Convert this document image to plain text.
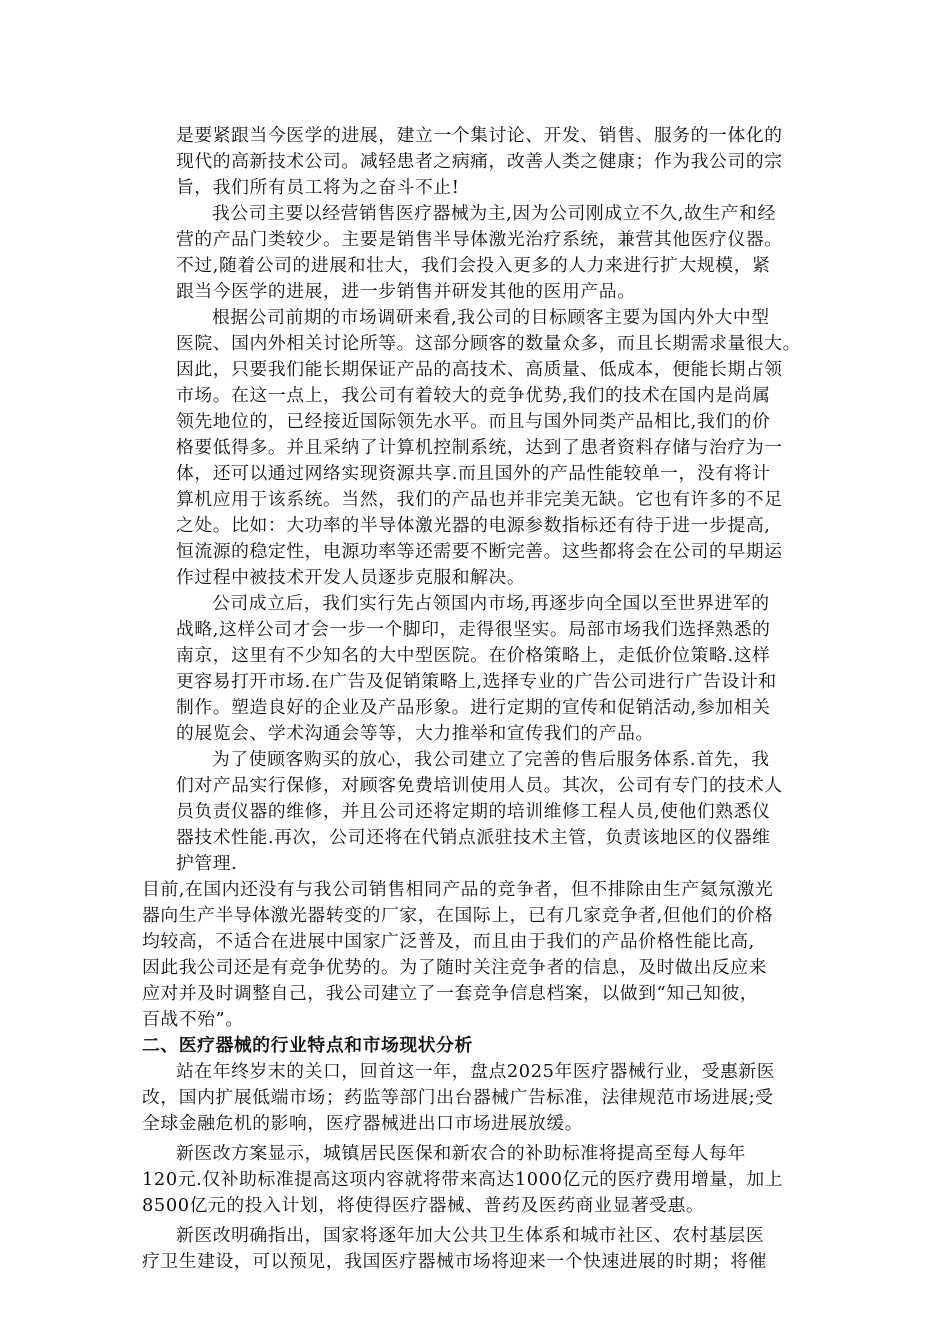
是要紧跟当今医学的进展，建立一个集讨论、开发、销售、服务的一体化的
现代的高新技术公司。减轻患者之病痛，改善人类之健康；作为我公司的宗
旨，我们所有员工将为之奋斗不止!
我公司主要以经营销售医疗器械为主,因为公司刚成立不久,故生产和经
营的产品门类较少。主要是销售半导体激光治疗系统，兼营其他医疗仪器。
不过,随着公司的进展和壮大，我们会投入更多的人力来进行扩大规模，紧
跟当今医学的进展，进一步销售并研发其他的医用产品。
根据公司前期的市场调研来看,我公司的目标顾客主要为国内外大中型
医院、国内外相关讨论所等。这部分顾客的数量众多，而且长期需求量很大。
因此，只要我们能长期保证产品的高技术、高质量、低成本，便能长期占领
市场。在这一点上，我公司有着较大的竞争优势,我们的技术在国内是尚属
领先地位的，已经接近国际领先水平。而且与国外同类产品相比,我们的价
格要低得多。并且采纳了计算机控制系统，达到了患者资料存储与治疗为一
体，还可以通过网络实现资源共享.而且国外的产品性能较单一，没有将计
算机应用于该系统。当然，我们的产品也并非完美无缺。它也有许多的不足
之处。比如：大功率的半导体激光器的电源参数指标还有待于进一步提高,
恒流源的稳定性，电源功率等还需要不断完善。这些都将会在公司的早期运
作过程中被技术开发人员逐步克服和解决。
公司成立后，我们实行先占领国内市场,再逐步向全国以至世界进军的
战略,这样公司才会一步一个脚印，走得很坚实。局部市场我们选择熟悉的
南京，这里有不少知名的大中型医院。在价格策略上，走低价位策略.这样
更容易打开市场.在广告及促销策略上,选择专业的广告公司进行广告设计和
制作。塑造良好的企业及产品形象。进行定期的宣传和促销活动,参加相关
的展览会、学术沟通会等等，大力推举和宣传我们的产品。
为了使顾客购买的放心，我公司建立了完善的售后服务体系.首先，我
们对产品实行保修，对顾客免费培训使用人员。其次，公司有专门的技术人
员负责仪器的维修，并且公司还将定期的培训维修工程人员,使他们熟悉仪
器技术性能.再次，公司还将在代销点派驻技术主管，负责该地区的仪器维
护管理.
目前,在国内还没有与我公司销售相同产品的竞争者，但不排除由生产氦氖激光
器向生产半导体激光器转变的厂家，在国际上，已有几家竞争者,但他们的价格
均较高，不适合在进展中国家广泛普及，而且由于我们的产品价格性能比高,
因此我公司还是有竞争优势的。为了随时关注竞争者的信息，及时做出反应来
应对并及时调整自己，我公司建立了一套竞争信息档案，以做到“知己知彼，
百战不殆”。
二、医疗器械的行业特点和市场现状分析
站在年终岁末的关口，回首这一年，盘点2025年医疗器械行业，受惠新医
改，国内扩展低端市场；药监等部门出台器械广告标准，法律规范市场进展;受
全球金融危机的影响，医疗器械进出口市场进展放缓。
新医改方案显示，城镇居民医保和新农合的补助标准将提高至每人每年
120元.仅补助标准提高这项内容就将带来高达1000亿元的医疗费用增量，加上
8500亿元的投入计划，将使得医疗器械、普药及医药商业显著受惠。
新医改明确指出，国家将逐年加大公共卫生体系和城市社区、农村基层医
疗卫生建设，可以预见，我国医疗器械市场将迎来一个快速进展的时期；将催
